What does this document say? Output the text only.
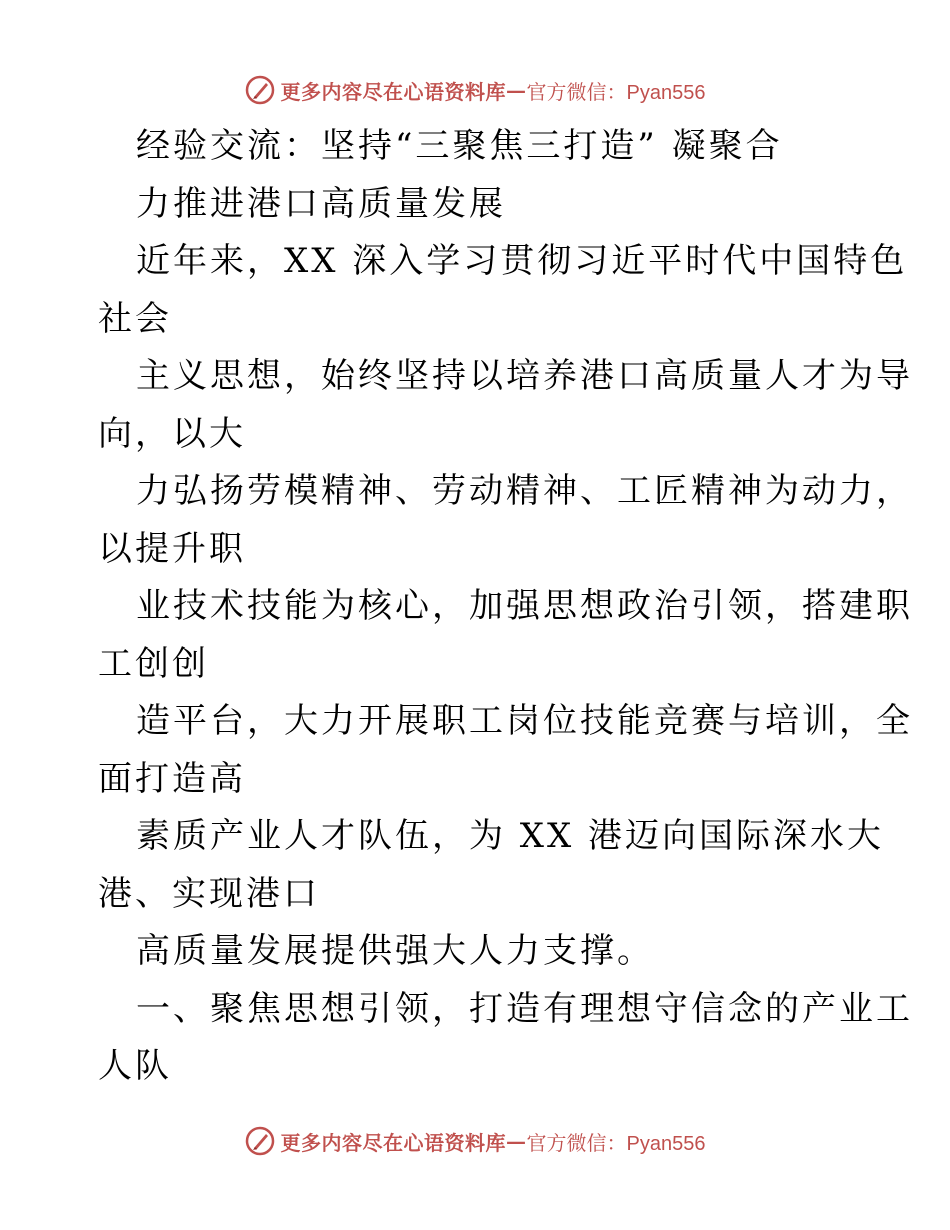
更多内容尽在心语资料库 — 官方微信：Pyan556
经验交流：坚持“三聚焦三打造” 凝聚合
力推进港口高质量发展
近年来，XX 深入学习贯彻习近平时代中国特色
社会
主义思想，始终坚持以培养港口高质量人才为导
向，以大
力弘扬劳模精神、劳动精神、工匠精神为动力，
以提升职
业技术技能为核心，加强思想政治引领，搭建职
工创创
造平台，大力开展职工岗位技能竞赛与培训，全
面打造高
素质产业人才队伍，为 XX 港迈向国际深水大
港、实现港口
高质量发展提供强大人力支撑。
一、聚焦思想引领，打造有理想守信念的产业工
人队
更多内容尽在心语资料库 — 官方微信：Pyan556
